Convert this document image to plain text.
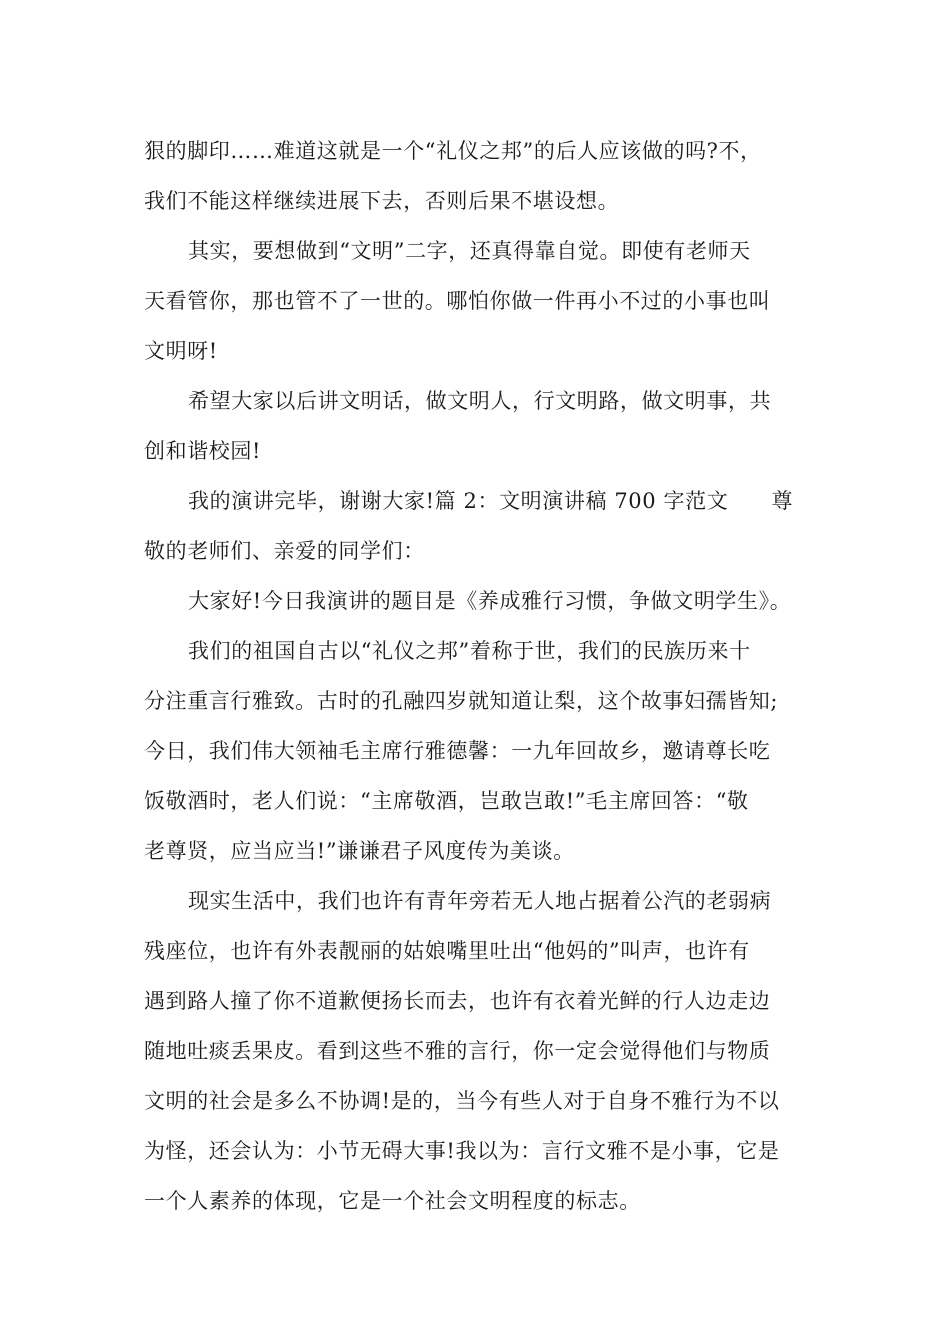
狠的脚印……难道这就是一个“礼仪之邦”的后人应该做的吗?不，
我们不能这样继续进展下去，否则后果不堪设想。
其实，要想做到“文明”二字，还真得靠自觉。即使有老师天
天看管你，那也管不了一世的。哪怕你做一件再小不过的小事也叫
文明呀!
希望大家以后讲文明话，做文明人，行文明路，做文明事，共
创和谐校园!
我的演讲完毕，谢谢大家!篇 2：文明演讲稿 700 字范文　　尊
敬的老师们、亲爱的同学们：
大家好!今日我演讲的题目是《养成雅行习惯，争做文明学生》。
我们的祖国自古以“礼仪之邦”着称于世，我们的民族历来十
分注重言行雅致。古时的孔融四岁就知道让梨，这个故事妇孺皆知;
今日，我们伟大领袖毛主席行雅德馨：一九年回故乡，邀请尊长吃
饭敬酒时，老人们说：“主席敬酒，岂敢岂敢!”毛主席回答：“敬
老尊贤，应当应当!”谦谦君子风度传为美谈。
现实生活中，我们也许有青年旁若无人地占据着公汽的老弱病
残座位，也许有外表靓丽的姑娘嘴里吐出“他妈的”叫声，也许有
遇到路人撞了你不道歉便扬长而去，也许有衣着光鲜的行人边走边
随地吐痰丢果皮。看到这些不雅的言行，你一定会觉得他们与物质
文明的社会是多么不协调!是的，当今有些人对于自身不雅行为不以
为怪，还会认为：小节无碍大事!我以为：言行文雅不是小事，它是
一个人素养的体现，它是一个社会文明程度的标志。
